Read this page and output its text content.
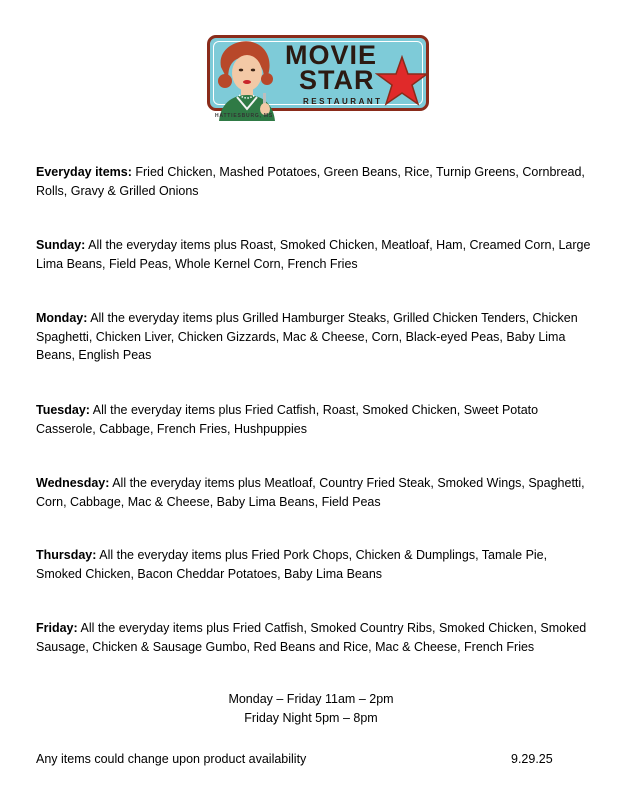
MOVIE
STAR
RESTAURANT
HATTIESBURG, MS
Everyday items: Fried Chicken, Mashed Potatoes, Green Beans, Rice, Turnip Greens, Cornbread, Rolls, Gravy & Grilled Onions
Sunday: All the everyday items plus Roast, Smoked Chicken, Meatloaf, Ham, Creamed Corn, Large Lima Beans, Field Peas, Whole Kernel Corn, French Fries
Monday: All the everyday items plus Grilled Hamburger Steaks, Grilled Chicken Tenders, Chicken Spaghetti, Chicken Liver, Chicken Gizzards, Mac & Cheese, Corn, Black-eyed Peas, Baby Lima Beans, English Peas
Tuesday: All the everyday items plus Fried Catfish, Roast, Smoked Chicken, Sweet Potato Casserole, Cabbage, French Fries, Hushpuppies
Wednesday: All the everyday items plus Meatloaf, Country Fried Steak, Smoked Wings, Spaghetti, Corn, Cabbage, Mac & Cheese, Baby Lima Beans, Field Peas
Thursday: All the everyday items plus Fried Pork Chops, Chicken & Dumplings, Tamale Pie, Smoked Chicken, Bacon Cheddar Potatoes, Baby Lima Beans
Friday: All the everyday items plus Fried Catfish, Smoked Country Ribs, Smoked Chicken, Smoked Sausage, Chicken & Sausage Gumbo, Red Beans and Rice, Mac & Cheese, French Fries
Monday – Friday 11am – 2pm
Friday Night 5pm – 8pm
Any items could change upon product availability	9.29.25
